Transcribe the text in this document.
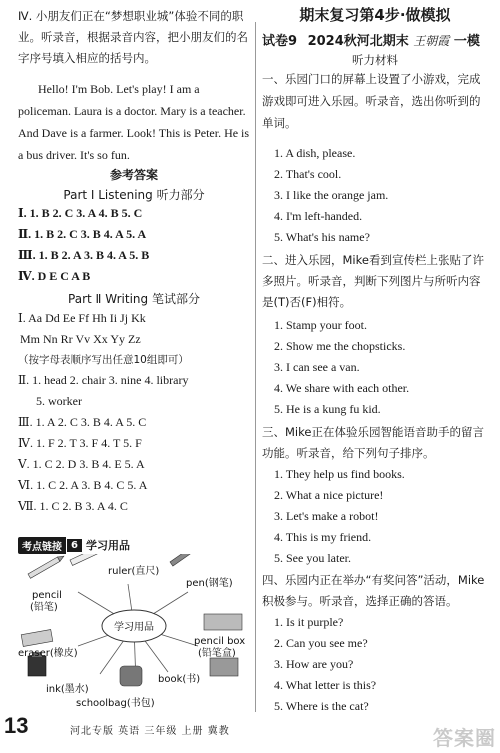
Ⅳ. 小朋友们正在“梦想职业城”体验不同的职业。听录音，根据录音内容，把小朋友们的名字序号填入相应的括号内。
Hello! I'm Bob. Let's play! I am a policeman. Laura is a doctor. Mary is a teacher. And Dave is a farmer. Look! This is Peter. He is a bus driver. It's so fun.
参考答案
Part Ⅰ Listening 听力部分
Ⅰ. 1. B 2. C 3. A 4. B 5. C
Ⅱ. 1. B 2. C 3. B 4. A 5. A
Ⅲ. 1. B 2. A 3. B 4. A 5. B
Ⅳ. D E C A B
Part Ⅱ Writing 笔试部分
Ⅰ. Aa Dd Ee Ff Hh Ii Jj Kk
Mm Nn Rr Vv Xx Yy Zz
（按字母表顺序写出任意10组即可）
Ⅱ. 1. head 2. chair 3. nine 4. library
5. worker
Ⅲ. 1. A 2. C 3. B 4. A 5. C
Ⅳ. 1. F 2. T 3. F 4. T 5. F
Ⅴ. 1. C 2. D 3. B 4. E 5. A
Ⅵ. 1. C 2. A 3. B 4. C 5. A
Ⅶ. 1. C 2. B 3. A 4. C
考点链接 6 学习用品
学习用品
pencil
(铅笔)
ruler(直尺)
pen(钢笔)
eraser(橡皮)
pencil box
(铅笔盒)
ink(墨水)
book(书)
schoolbag(书包)
期末复习第4步·做模拟
试卷9 2024秋河北期末 王朝霞 一模
听力材料
一、乐园门口的屏幕上设置了小游戏，完成游戏即可进入乐园。听录音，选出你听到的单词。
1. A dish, please.
2. That's cool.
3. I like the orange jam.
4. I'm left-handed.
5. What's his name?
二、进入乐园，Mike看到宣传栏上张贴了许多照片。听录音，判断下列图片与所听内容是(T)否(F)相符。
1. Stamp your foot.
2. Show me the chopsticks.
3. I can see a van.
4. We share with each other.
5. He is a kung fu kid.
三、Mike正在体验乐园智能语音助手的留言功能。听录音，给下列句子排序。
1. They help us find books.
2. What a nice picture!
3. Let's make a robot!
4. This is my friend.
5. See you later.
四、乐园内正在举办“有奖问答”活动，Mike积极参与。听录音，选择正确的答语。
1. Is it purple?
2. Can you see me?
3. How are you?
4. What letter is this?
5. Where is the cat?
13	河北专版 英语 三年级 上册 冀教	答案圈
